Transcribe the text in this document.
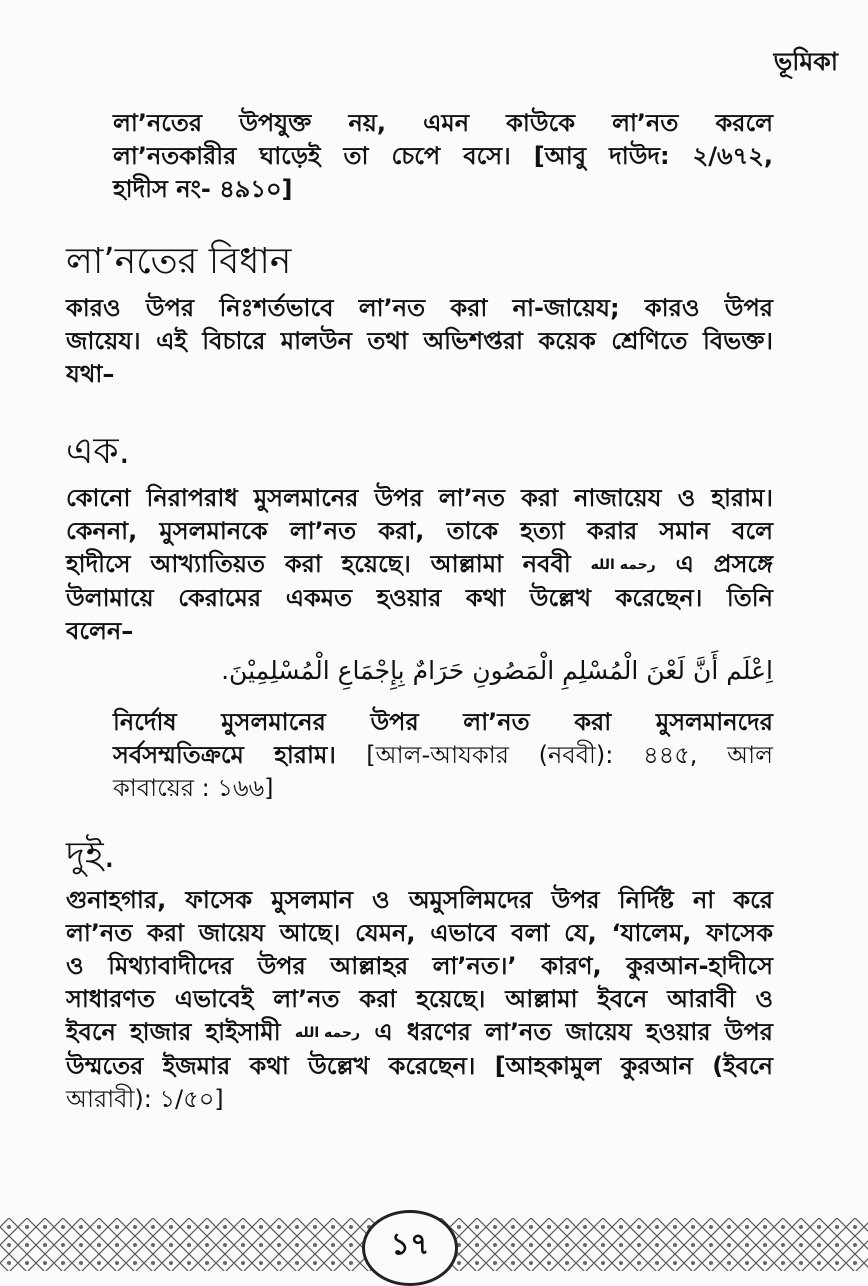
ভূমিকা
লা’নতের উপযুক্ত নয়, এমন কাউকে লা’নত করলে
লা’নতকারীর ঘাড়েই তা চেপে বসে। [আবু দাউদ: ২/৬৭২,
হাদীস নং- ৪৯১০]
লা’নতের বিধান
কারও উপর নিঃশর্তভাবে লা’নত করা না-জায়েয; কারও উপর
জায়েয। এই বিচারে মালউন তথা অভিশপ্তরা কয়েক শ্রেণিতে বিভক্ত।
যথা–
এক.
কোনো নিরাপরাধ মুসলমানের উপর লা’নত করা নাজায়েয ও হারাম।
কেননা, মুসলমানকে লা’নত করা, তাকে হত্যা করার সমান বলে
হাদীসে আখ্যাতিয়ত করা হয়েছে। আল্লামা নববী رحمه الله এ প্রসঙ্গে
উলামায়ে কেরামের একমত হওয়ার কথা উল্লেখ করেছেন। তিনি
বলেন–
اِعْلَم أَنَّ لَعْنَ الْمُسْلِمِ الْمَصُونِ حَرَامٌ بِإِجْمَاعِ الْمُسْلِمِيْنَ.
নির্দোষ মুসলমানের উপর লা’নত করা মুসলমানদের
সর্বসম্মতিক্রমে হারাম। [আল-আযকার (নববী): ৪৪৫, আল
কাবায়ের : ১৬৬]
দুই.
গুনাহগার, ফাসেক মুসলমান ও অমুসলিমদের উপর নির্দিষ্ট না করে
লা’নত করা জায়েয আছে। যেমন, এভাবে বলা যে, ‘যালেম, ফাসেক
ও মিথ্যাবাদীদের উপর আল্লাহর লা’নত।’ কারণ, কুরআন-হাদীসে
সাধারণত এভাবেই লা’নত করা হয়েছে। আল্লামা ইবনে আরাবী ও
ইবনে হাজার হাইসামী رحمه الله এ ধরণের লা’নত জায়েয হওয়ার উপর
উম্মতের ইজমার কথা উল্লেখ করেছেন। [আহকামুল কুরআন (ইবনে
আরাবী): ১/৫০]
১৭
